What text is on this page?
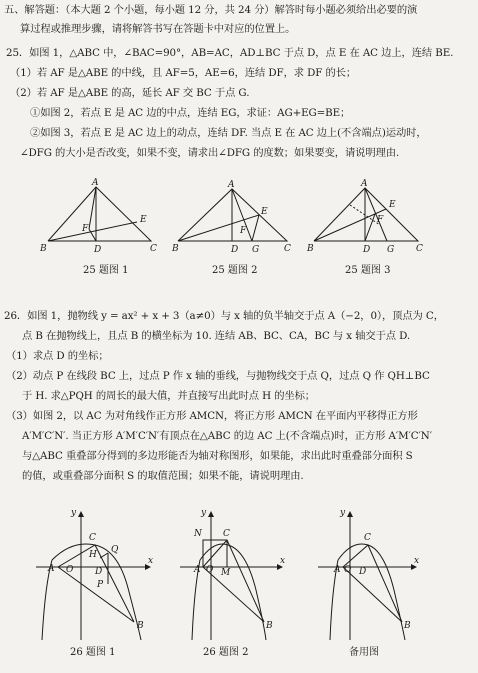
五、解答题：（本大题 2 个小题，每小题 12 分，共 24 分）解答时每小题必须给出必要的演
算过程或推理步骤，请将解答书写在答题卡中对应的位置上。
25．如图 1，△ABC 中，∠BAC=90°，AB=AC，AD⊥BC 于点 D，点 E 在 AC 边上，连结 BE.
（1）若 AF 是△ABE 的中线，且 AF=5，AE=6，连结 DF，求 DF 的长；
（2）若 AF 是△ABE 的高，延长 AF 交 BC 于点 G.
①如图 2，若点 E 是 AC 边的中点，连结 EG，求证：AG+EG=BE；
②如图 3，若点 E 是 AC 边上的动点，连结 DF. 当点 E 在 AC 边上(不含端点)运动时，
∠DFG 的大小是否改变，如果不变，请求出∠DFG 的度数；如果要变，请说明理由.
A
B	C
D
E
F
A
B	C
D
E
F
G
A
B	C
D
E
F
G
25 题图 1	25 题图 2	25 题图 3
26．如图 1，抛物线 y = ax² + x + 3（a≠0）与 x 轴的负半轴交于点 A（−2，0），顶点为 C，
点 B 在抛物线上，且点 B 的横坐标为 10. 连结 AB、BC、CA，BC 与 x 轴交于点 D.
（1）求点 D 的坐标；
（2）动点 P 在线段 BC 上，过点 P 作 x 轴的垂线，与抛物线交于点 Q，过点 Q 作 QH⊥BC
于 H. 求△PQH 的周长的最大值，并直接写出此时点 H 的坐标；
（3）如图 2，以 AC 为对角线作正方形 AMCN，将正方形 AMCN 在平面内平移得正方形
A′M′C′N′. 当正方形 A′M′C′N′有顶点在△ABC 的边 AC 上(不含端点)时，正方形 A′M′C′N′
与△ABC 重叠部分得到的多边形能否为轴对称图形，如果能，求出此时重叠部分面积 S
的值，或重叠部分面积 S 的取值范围；如果不能，请说明理由.
y
x
C
Q
H
A O D
P
B
y
x
N C
A O M
B
y
x
C
A O D
B
26 题图 1	26 题图 2	备用图
